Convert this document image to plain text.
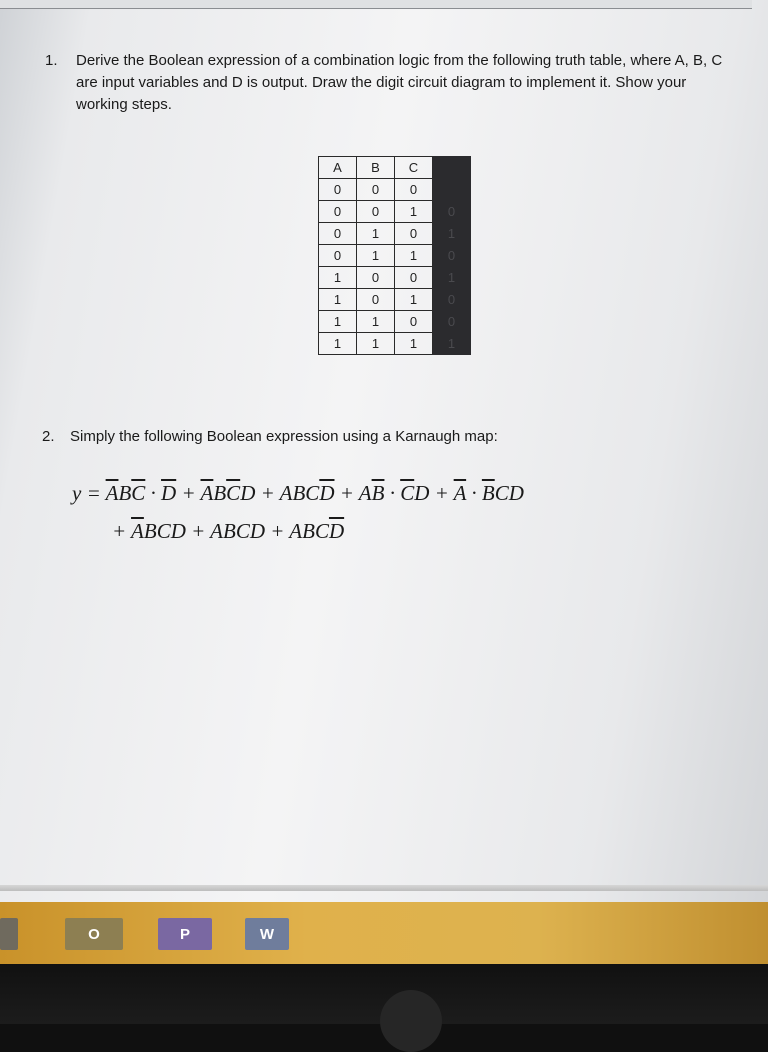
1. Derive the Boolean expression of a combination logic from the following truth table, where A, B, C are input variables and D is output. Draw the digit circuit diagram to implement it. Show your working steps.
A	B	C	
0	0	0	
0	0	1	0
0	1	0	1
0	1	1	0
1	0	0	1
1	0	1	0
1	1	0	0
1	1	1	1
2. Simply the following Boolean expression using a Karnaugh map:
$y = \overline{A}B\overline{C} \cdot \overline{D} + \overline{A}B\overline{C}D + ABC\overline{D} + A\overline{B} \cdot \overline{C}D + \overline{A} \cdot \overline{B}CD$
+ $\overline{A}BCD$ + ABCD + $ABC\overline{D}$
O	P	W
